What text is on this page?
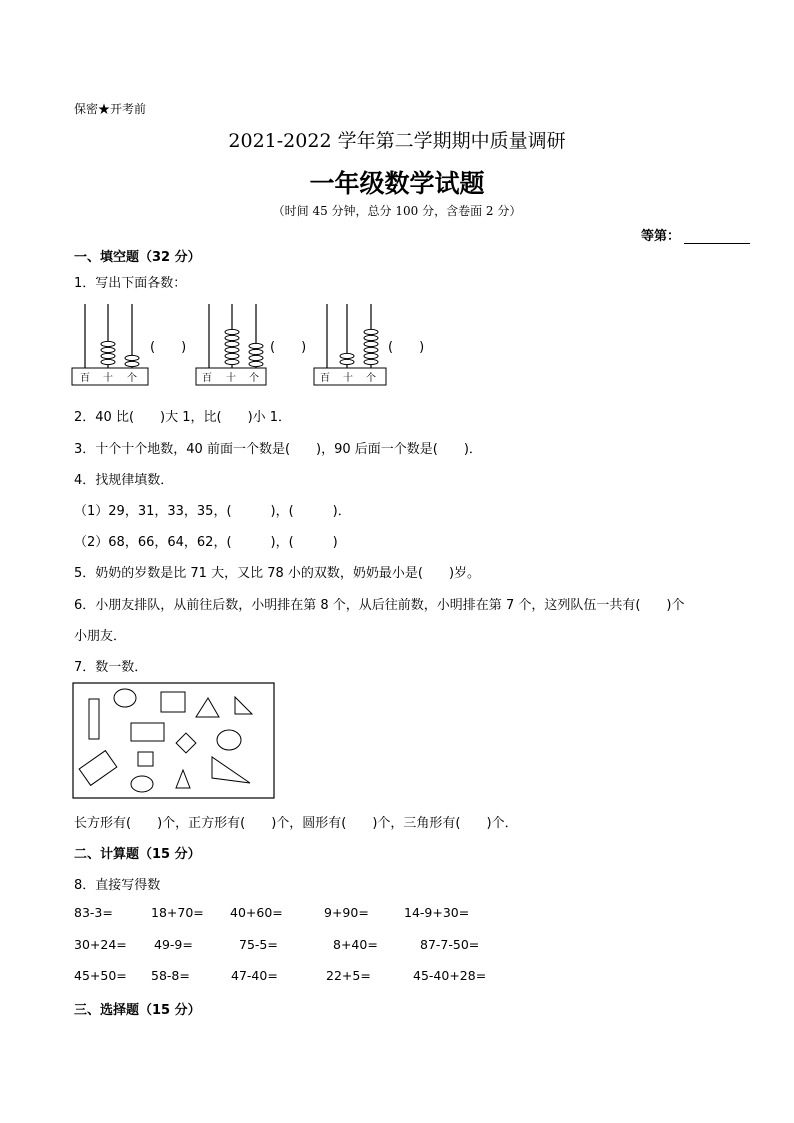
保密★开考前
2021-2022 学年第二学期期中质量调研
一年级数学试题
（时间 45 分钟，总分 100 分，含卷面 2 分）
等第：
一、填空题（32 分）
1．写出下面各数：
百 十 个
(　　)
百 十 个
(　　)
百 十 个
(　　)
2．40 比(　　)大 1，比(　　)小 1．
3．十个十个地数，40 前面一个数是(　　)，90 后面一个数是(　　)．
4．找规律填数．
（1）29，31，33，35，(　　　)，(　　　)．
（2）68，66，64，62，(　　　)，(　　　)
5．奶奶的岁数是比 71 大，又比 78 小的双数，奶奶最小是(　　)岁。
6．小朋友排队，从前往后数，小明排在第 8 个，从后往前数，小明排在第 7 个，这列队伍一共有(　　)个
小朋友．
7．数一数．
长方形有(　　)个，正方形有(　　)个，圆形有(　　)个，三角形有(　　)个．
二、计算题（15 分）
8．直接写得数
83-3=	18+70= 40+60=	9+90=	14-9+30=
30+24= 49-9=	75-5=	8+40=	87-7-50=
45+50= 58-8=	47-40=	22+5=	45-40+28=
三、选择题（15 分）
